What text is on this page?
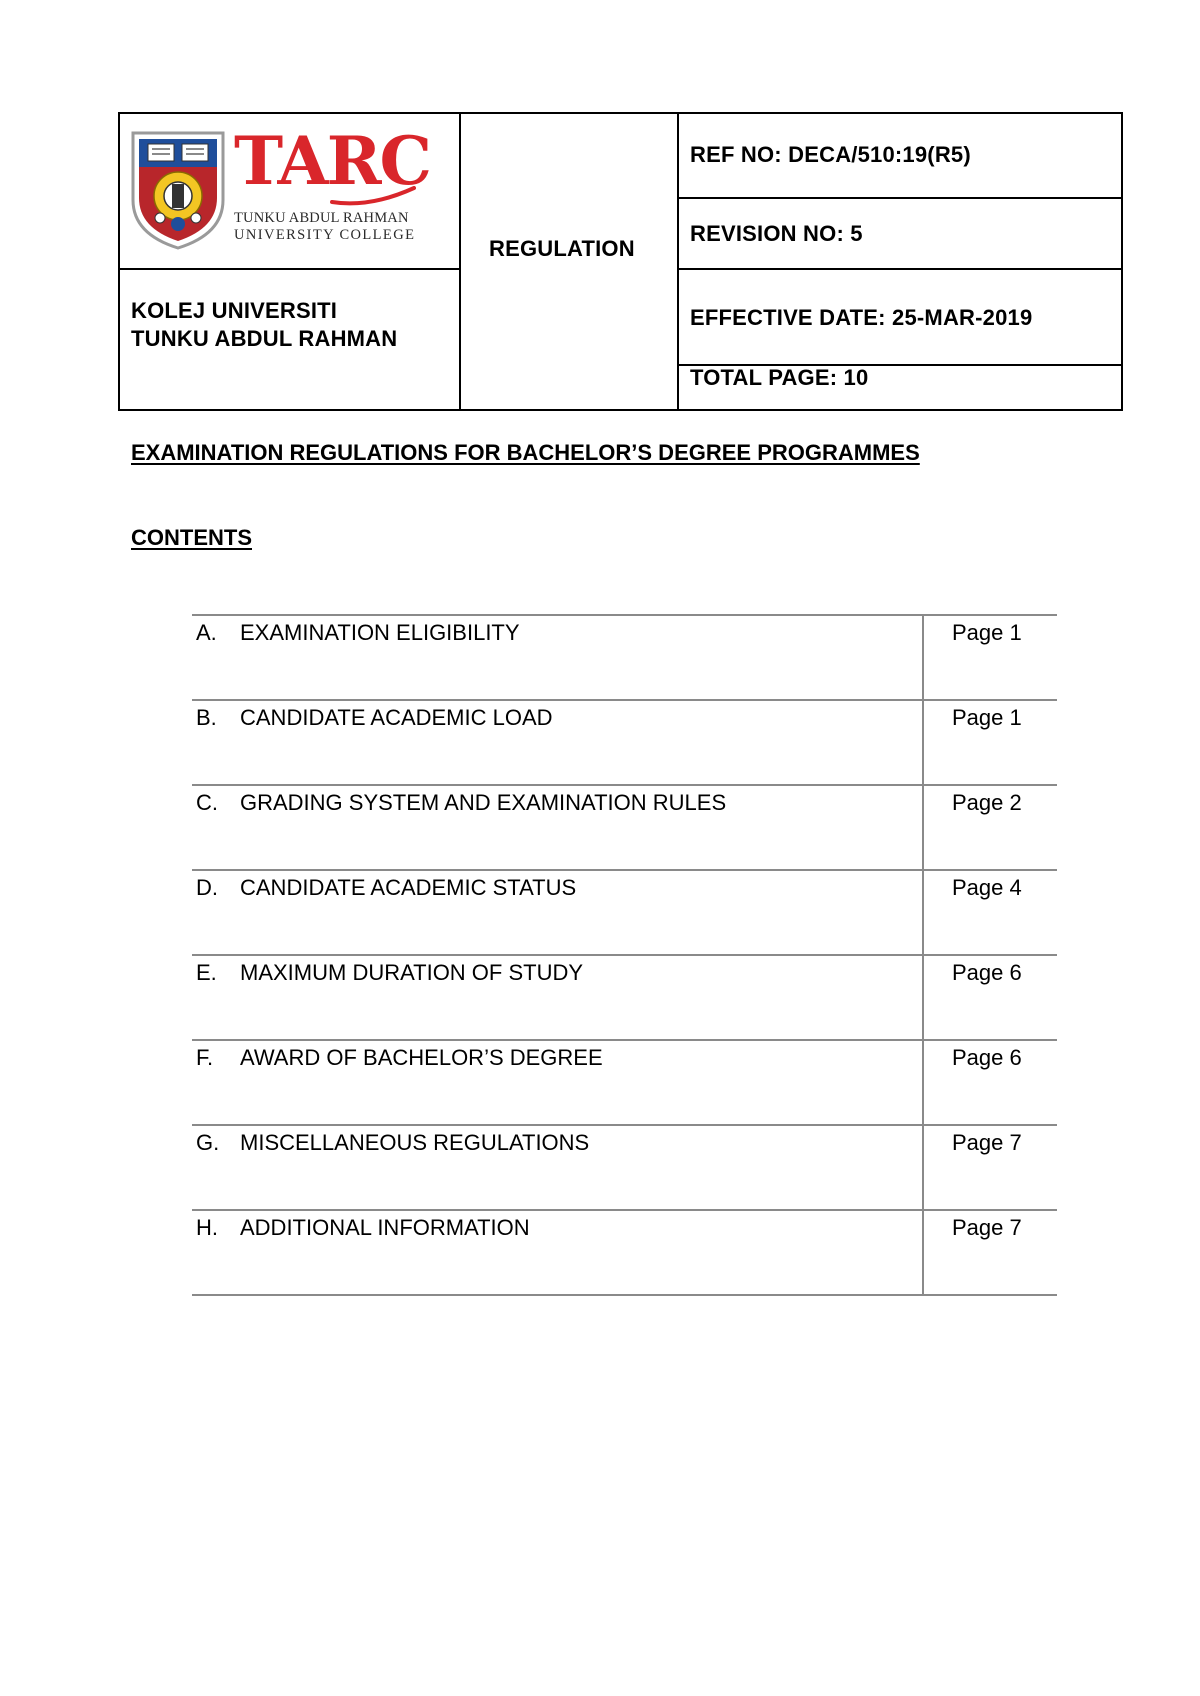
TARC
TUNKU ABDUL RAHMAN
UNIVERSITY COLLEGE
KOLEJ UNIVERSITI
TUNKU ABDUL RAHMAN
REGULATION
REF NO: DECA/510:19(R5)
REVISION NO: 5
EFFECTIVE DATE: 25-MAR-2019
TOTAL PAGE: 10
EXAMINATION REGULATIONS FOR BACHELOR’S DEGREE PROGRAMMES
CONTENTS
A. EXAMINATION ELIGIBILITY	Page 1
B. CANDIDATE ACADEMIC LOAD	Page 1
C. GRADING SYSTEM AND EXAMINATION RULES	Page 2
D. CANDIDATE ACADEMIC STATUS	Page 4
E. MAXIMUM DURATION OF STUDY	Page 6
F. AWARD OF BACHELOR’S DEGREE	Page 6
G. MISCELLANEOUS REGULATIONS	Page 7
H. ADDITIONAL INFORMATION	Page 7
